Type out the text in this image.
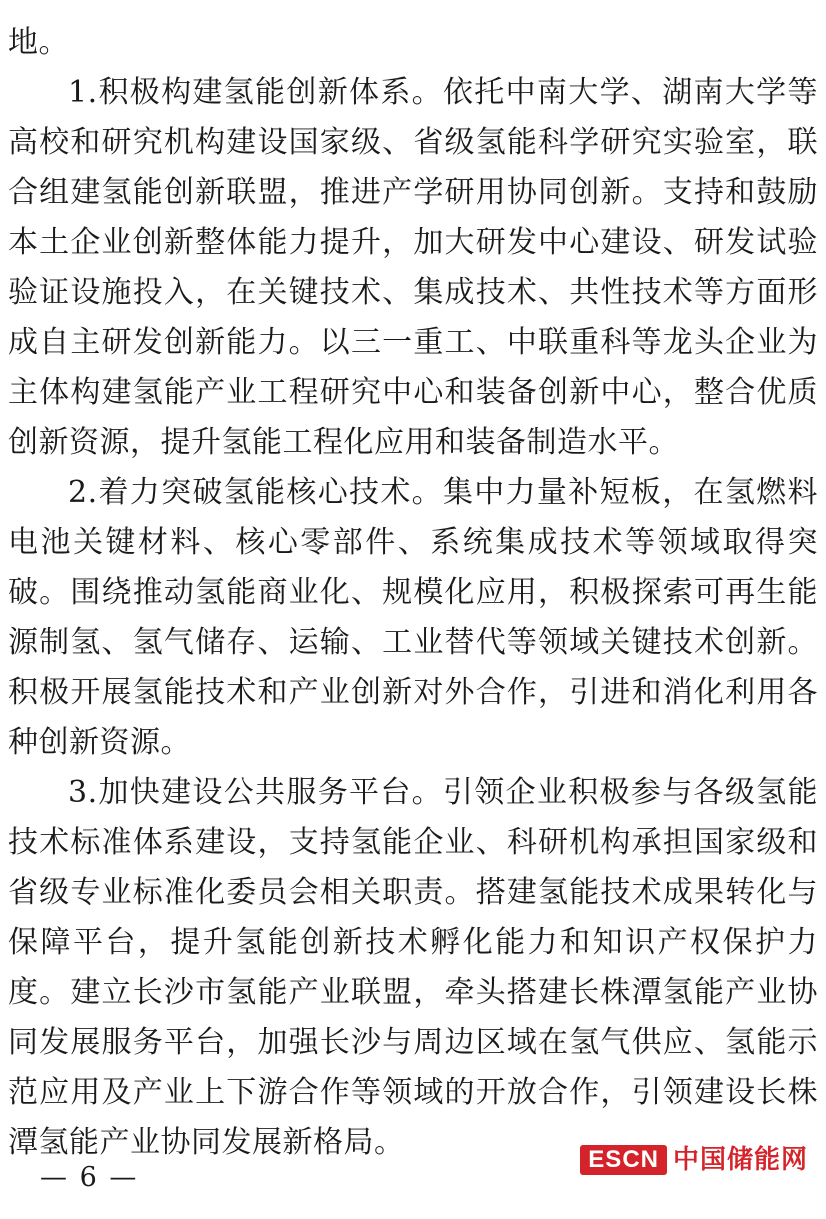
地。

1.积极构建氢能创新体系。依托中南大学、湖南大学等高校和研究机构建设国家级、省级氢能科学研究实验室，联合组建氢能创新联盟，推进产学研用协同创新。支持和鼓励本土企业创新整体能力提升，加大研发中心建设、研发试验验证设施投入，在关键技术、集成技术、共性技术等方面形成自主研发创新能力。以三一重工、中联重科等龙头企业为主体构建氢能产业工程研究中心和装备创新中心，整合优质创新资源，提升氢能工程化应用和装备制造水平。

2.着力突破氢能核心技术。集中力量补短板，在氢燃料电池关键材料、核心零部件、系统集成技术等领域取得突破。围绕推动氢能商业化、规模化应用，积极探索可再生能源制氢、氢气储存、运输、工业替代等领域关键技术创新。积极开展氢能技术和产业创新对外合作，引进和消化利用各种创新资源。

3.加快建设公共服务平台。引领企业积极参与各级氢能技术标准体系建设，支持氢能企业、科研机构承担国家级和省级专业标准化委员会相关职责。搭建氢能技术成果转化与保障平台，提升氢能创新技术孵化能力和知识产权保护力度。建立长沙市氢能产业联盟，牵头搭建长株潭氢能产业协同发展服务平台，加强长沙与周边区域在氢气供应、氢能示范应用及产业上下游合作等领域的开放合作，引领建设长株潭氢能产业协同发展新格局。

— 6 —
ESCN 中国储能网
